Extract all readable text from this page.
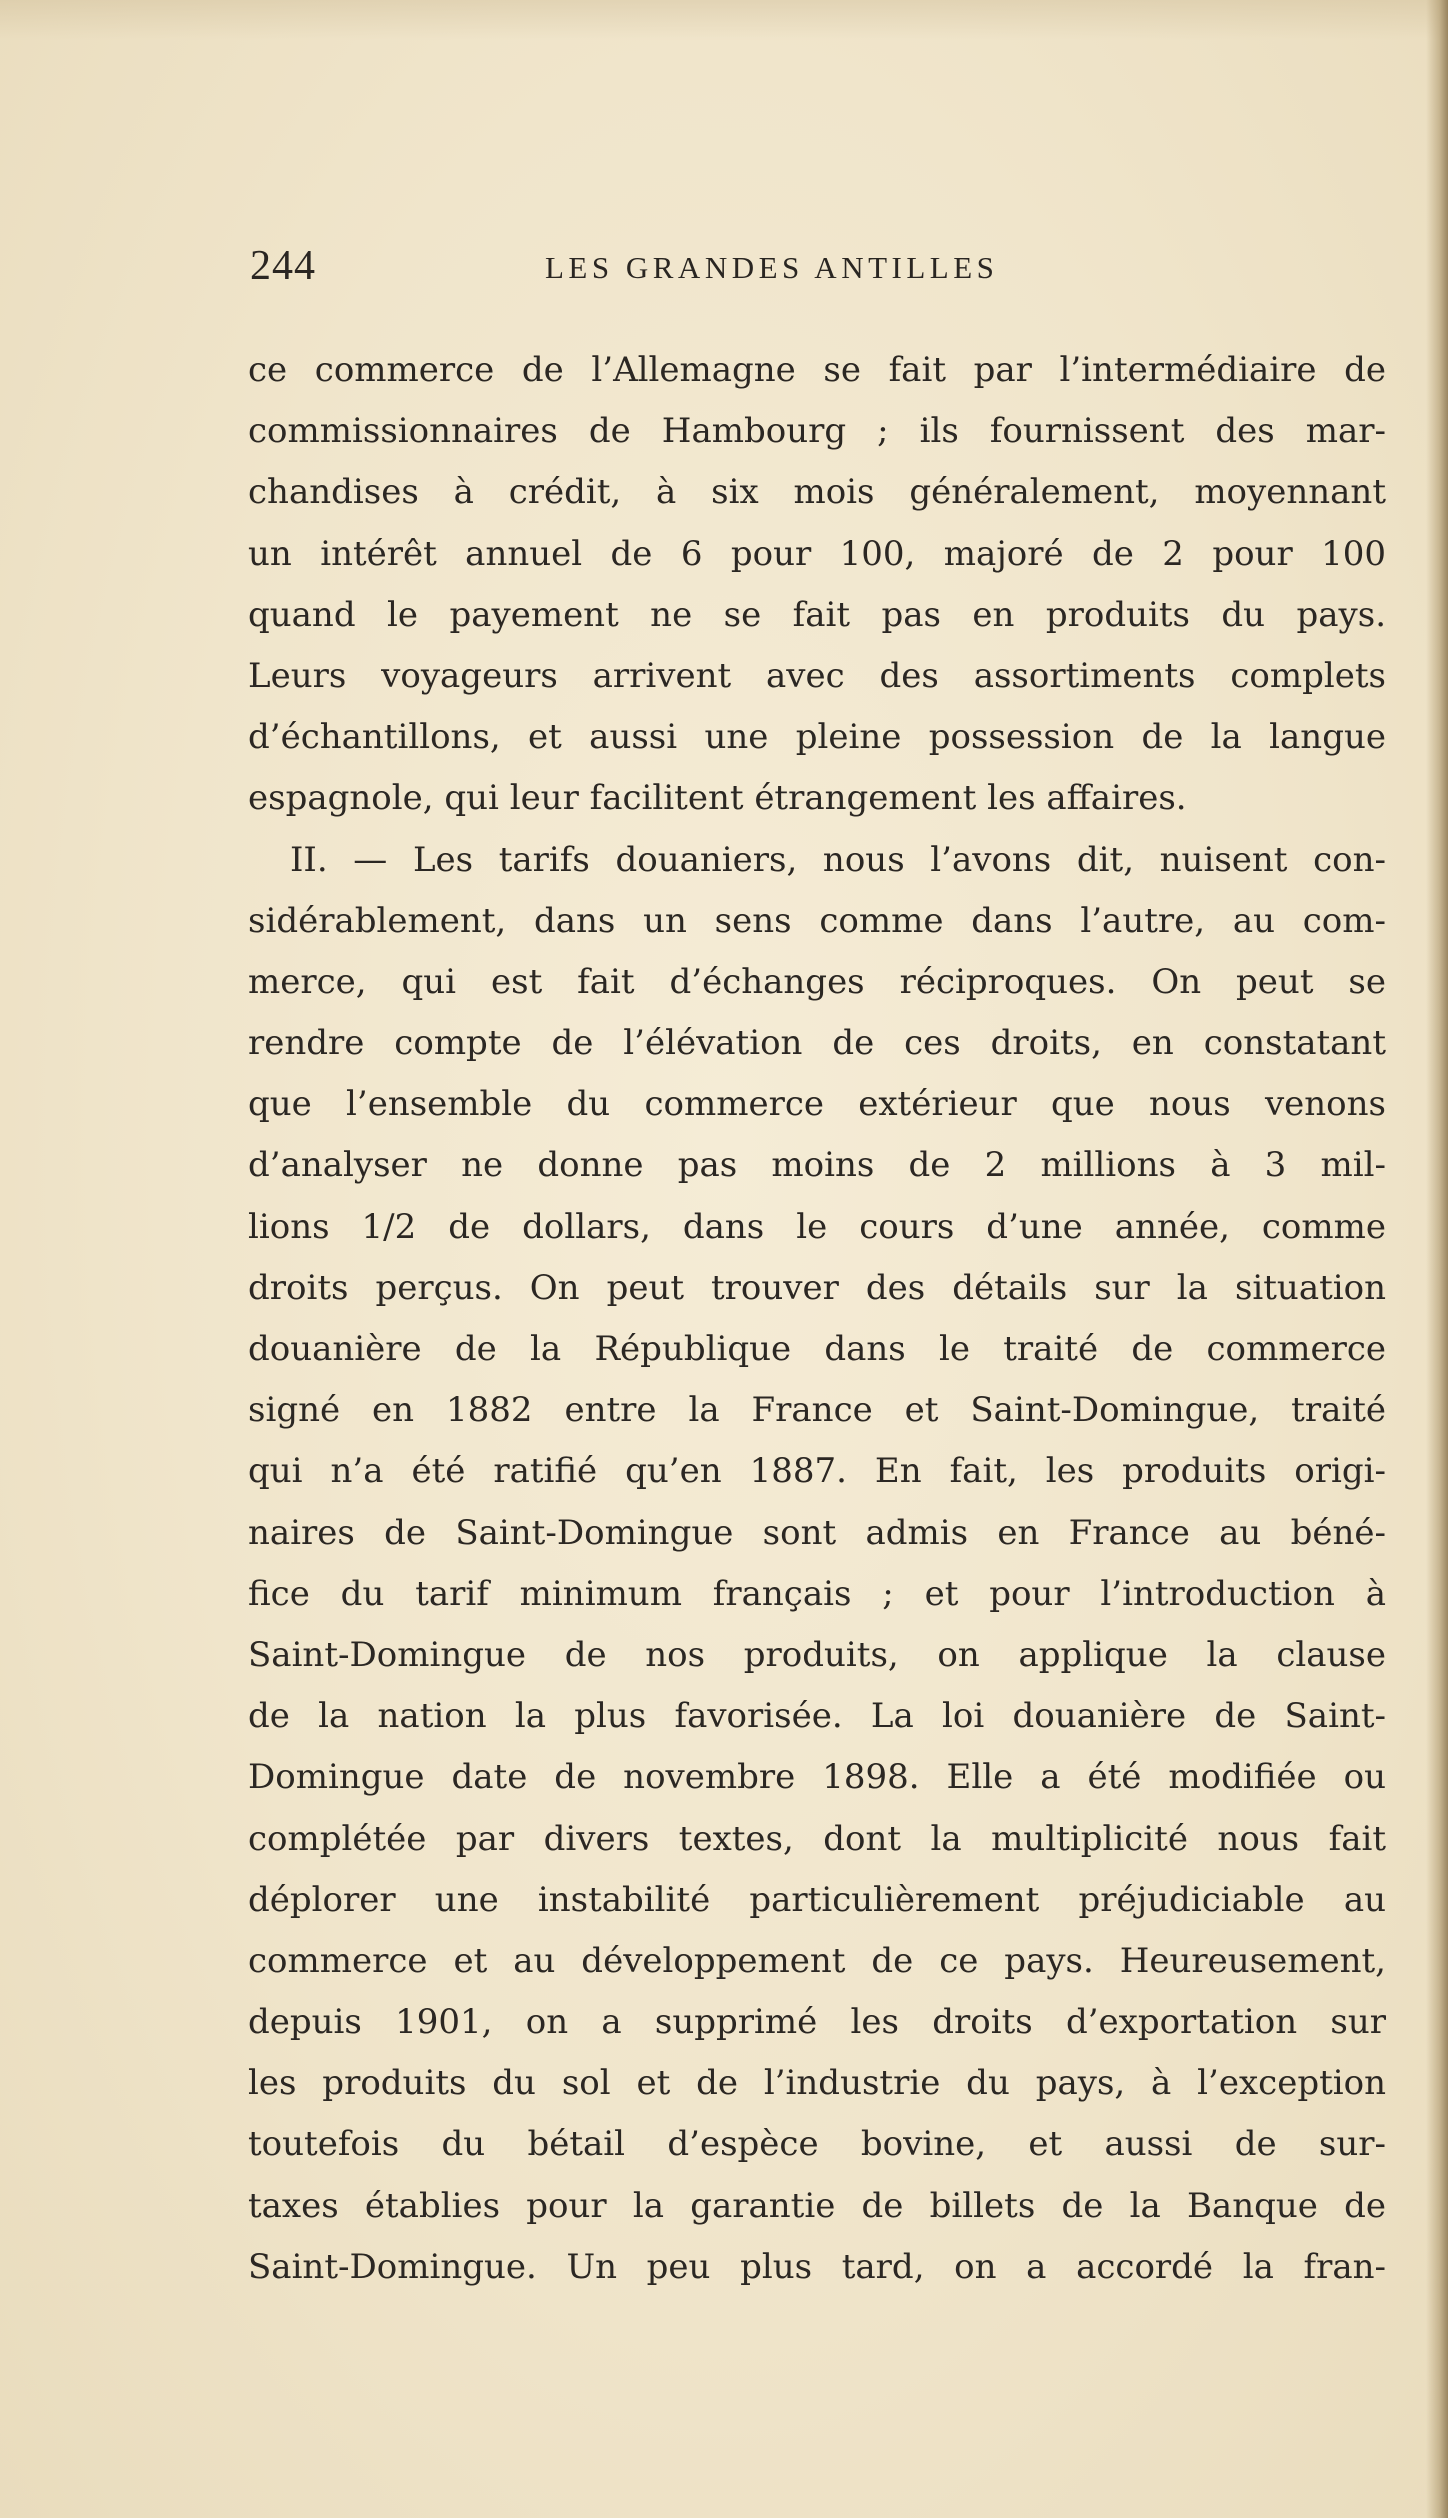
244	LES GRANDES ANTILLES
ce commerce de l’Allemagne se fait par l’intermédiaire de
commissionnaires de Hambourg ; ils fournissent des mar-
chandises à crédit, à six mois généralement, moyennant
un intérêt annuel de 6 pour 100, majoré de 2 pour 100
quand le payement ne se fait pas en produits du pays.
Leurs voyageurs arrivent avec des assortiments complets
d’échantillons, et aussi une pleine possession de la langue
espagnole, qui leur facilitent étrangement les affaires.
II. — Les tarifs douaniers, nous l’avons dit, nuisent con-
sidérablement, dans un sens comme dans l’autre, au com-
merce, qui est fait d’échanges réciproques. On peut se
rendre compte de l’élévation de ces droits, en constatant
que l’ensemble du commerce extérieur que nous venons
d’analyser ne donne pas moins de 2 millions à 3 mil-
lions 1/2 de dollars, dans le cours d’une année, comme
droits perçus. On peut trouver des détails sur la situation
douanière de la République dans le traité de commerce
signé en 1882 entre la France et Saint-Domingue, traité
qui n’a été ratifié qu’en 1887. En fait, les produits origi-
naires de Saint-Domingue sont admis en France au béné-
fice du tarif minimum français ; et pour l’introduction à
Saint-Domingue de nos produits, on applique la clause
de la nation la plus favorisée. La loi douanière de Saint-
Domingue date de novembre 1898. Elle a été modifiée ou
complétée par divers textes, dont la multiplicité nous fait
déplorer une instabilité particulièrement préjudiciable au
commerce et au développement de ce pays. Heureusement,
depuis 1901, on a supprimé les droits d’exportation sur
les produits du sol et de l’industrie du pays, à l’exception
toutefois du bétail d’espèce bovine, et aussi de sur-
taxes établies pour la garantie de billets de la Banque de
Saint-Domingue. Un peu plus tard, on a accordé la fran-
